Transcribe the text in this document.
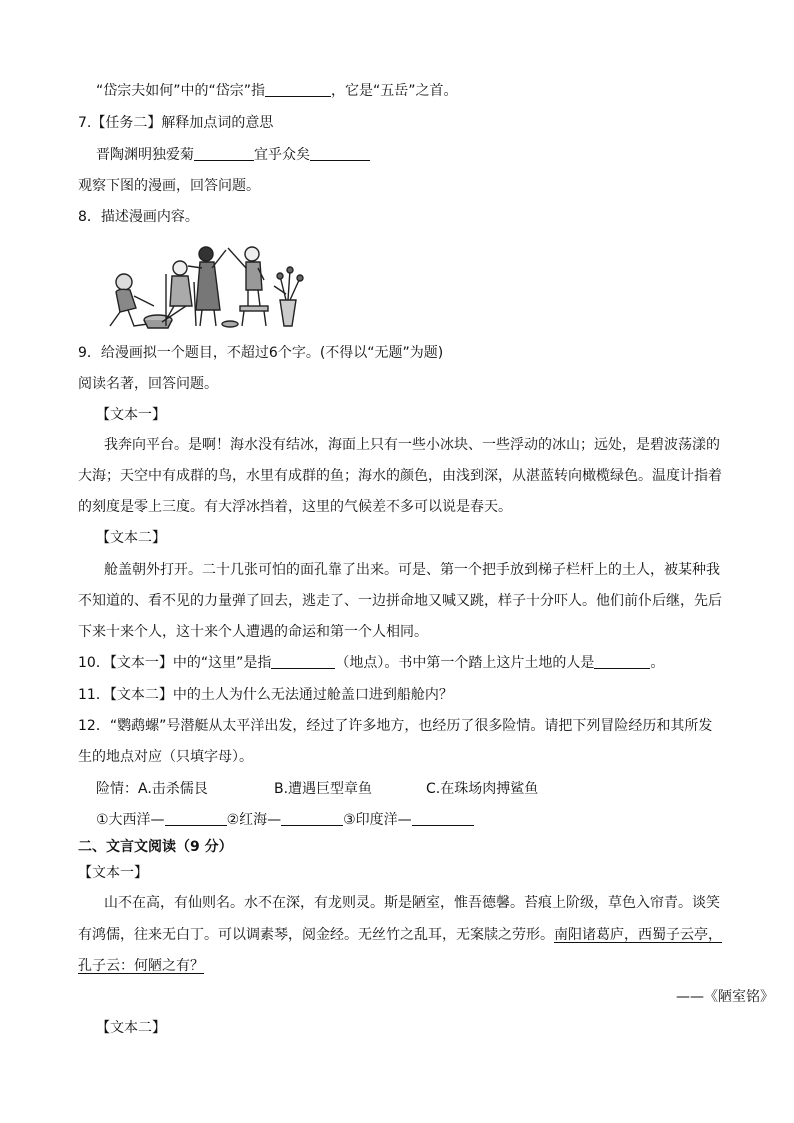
“岱宗夫如何”中的“岱宗”指	，它是“五岳”之首。
7.【任务二】解释加点词的意思
晋陶渊明独爱菊	宜乎众矣
观察下图的漫画，回答问题。
8．描述漫画内容。
9．给漫画拟一个题目，不超过6个字。(不得以“无题”为题)
阅读名著，回答问题。
【文本一】
我奔向平台。是啊！海水没有结冰，海面上只有一些小冰块、一些浮动的冰山；远处，是碧波荡漾的
大海；天空中有成群的鸟，水里有成群的鱼；海水的颜色，由浅到深，从湛蓝转向橄榄绿色。温度计指着
的刻度是零上三度。有大浮冰挡着，这里的气候差不多可以说是春天。
【文本二】
舱盖朝外打开。二十几张可怕的面孔靠了出来。可是、第一个把手放到梯子栏杆上的土人，被某种我
不知道的、看不见的力量弹了回去，逃走了、一边拼命地又喊又跳，样子十分吓人。他们前仆后继，先后
下来十来个人，这十来个人遭遇的命运和第一个人相同。
10．【文本一】中的“这里”是指	（地点）。书中第一个踏上这片土地的人是	。
11．【文本二】中的土人为什么无法通过舱盖口进到船舱内？
12．“鹦鹉螺”号潜艇从太平洋出发，经过了许多地方，也经历了很多险情。请把下列冒险经历和其所发
生的地点对应（只填字母）。
险情：A.击杀儒艮	B.遭遇巨型章鱼	C.在珠场肉搏鲨鱼
①大西洋—	②红海—	③印度洋—
二、文言文阅读（9 分）
【文本一】
山不在高，有仙则名。水不在深，有龙则灵。斯是陋室，惟吾德馨。苔痕上阶级，草色入帘青。谈笑
有鸿儒，往来无白丁。可以调素琴，阅金经。无丝竹之乱耳，无案牍之劳形。南阳诸葛庐，西蜀子云亭，
孔子云：何陋之有？
——《陋室铭》
【文本二】
